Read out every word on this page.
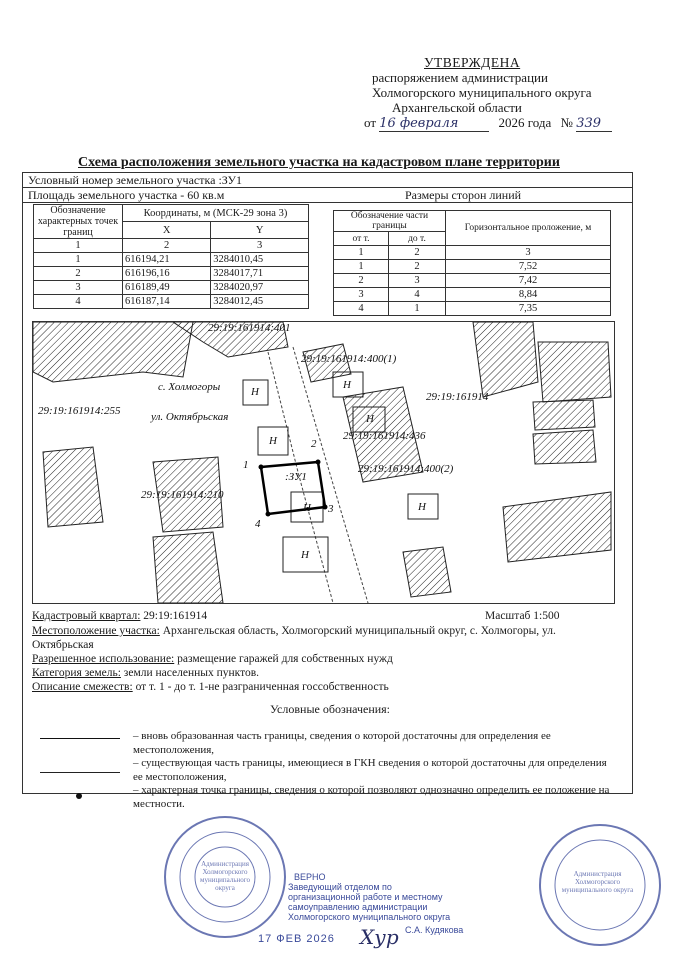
УТВЕРЖДЕНА
распоряжением администрации
Холмогорского муниципального округа
Архангельской области
от 16 февраля	2026 года № 339
Схема расположения земельного участка на кадастровом плане территории
Условный номер земельного участка :ЗУ1
Площадь земельного участка - 60 кв.м	Размеры сторон линий
Обозначение характерных точек границ	Координаты, м (МСК-29 зона 3)	
	X	Y
1	2	3
1	616194,21	3284010,45
2	616196,16	3284017,71
3	616189,49	3284020,97
4	616187,14	3284012,45
Обозначение части границы		Горизонтальное проложение, м
от т.	до т.	
1	2	3
1	2	7,52
2	3	7,42
3	4	8,84
4	1	7,35
29:19:161914:401
29:19:161914:400(1)
29:19:161914:255
29:19:161914
29:19:161914:436
29:19:161914:400(2)
29:19:161914:210
:ЗУ1
с. Холмогоры
ул. Октябрьская
Н
Н
Н
Н
Н
Н
Н
1
2
3
4
Кадастровый квартал: 29:19:161914	Масштаб 1:500
Местоположение участка: Архангельская область, Холмогорский муниципальный округ, с. Холмогоры, ул. Октябрьская
Разрешенное использование: размещение гаражей для собственных нужд
Категория земель: земли населенных пунктов.
Описание смежеств: от т. 1 - до т. 1-не разграниченная госсобственность
Условные обозначения:
– вновь образованная часть границы, сведения о которой достаточны для определения ее местоположения,
– существующая часть границы, имеющиеся в ГКН сведения о которой достаточны для определения ее местоположения,
– характерная точка границы, сведения о которой позволяют однозначно определить ее положение на местности.
Администрация Холмогорского муниципального округа
Администрация Холмогорского муниципального округа
ВЕРНО
Заведующий отделом по
организационной работе и местному
самоуправлению администрации
Холмогорского муниципального округа
17 ФЕВ 2026 Хур С.А. Кудякова
